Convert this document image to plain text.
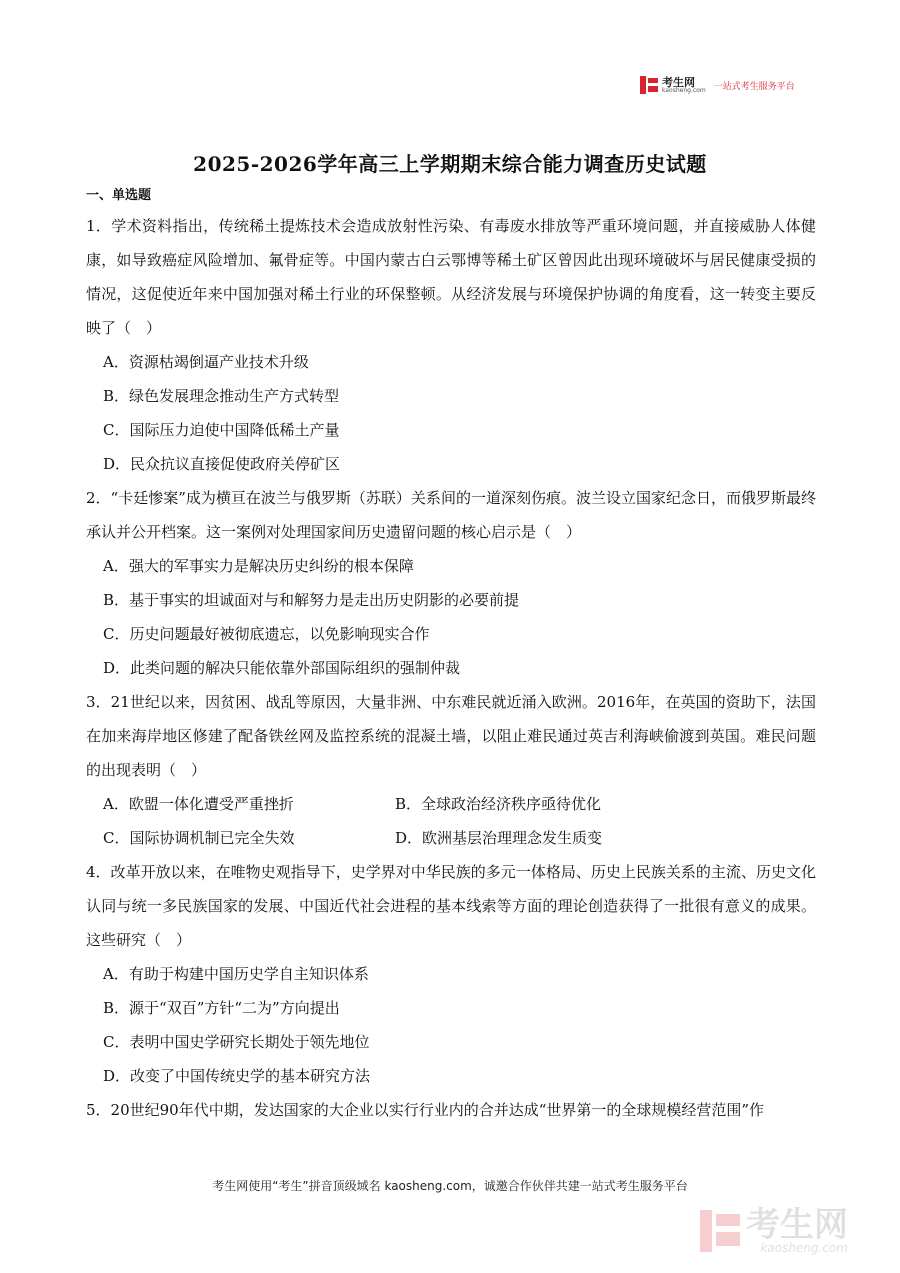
考生网
kaosheng.com 一站式考生服务平台
2025-2026学年高三上学期期末综合能力调查历史试题

一、单选题

1．学术资料指出，传统稀土提炼技术会造成放射性污染、有毒废水排放等严重环境问题，并直接威胁人体健康，如导致癌症风险增加、氟骨症等。中国内蒙古白云鄂博等稀土矿区曾因此出现环境破坏与居民健康受损的情况，这促使近年来中国加强对稀土行业的环保整顿。从经济发展与环境保护协调的角度看，这一转变主要反映了（　）

A．资源枯竭倒逼产业技术升级

B．绿色发展理念推动生产方式转型

C．国际压力迫使中国降低稀土产量

D．民众抗议直接促使政府关停矿区

2．“卡廷惨案”成为横亘在波兰与俄罗斯（苏联）关系间的一道深刻伤痕。波兰设立国家纪念日，而俄罗斯最终承认并公开档案。这一案例对处理国家间历史遗留问题的核心启示是（　）

A．强大的军事实力是解决历史纠纷的根本保障

B．基于事实的坦诚面对与和解努力是走出历史阴影的必要前提

C．历史问题最好被彻底遗忘，以免影响现实合作

D．此类问题的解决只能依靠外部国际组织的强制仲裁

3．21世纪以来，因贫困、战乱等原因，大量非洲、中东难民就近涌入欧洲。2016年，在英国的资助下，法国在加来海岸地区修建了配备铁丝网及监控系统的混凝土墙，以阻止难民通过英吉利海峡偷渡到英国。难民问题的出现表明（　）

A．欧盟一体化遭受严重挫折	B．全球政治经济秩序亟待优化

C．国际协调机制已完全失效	D．欧洲基层治理理念发生质变

4．改革开放以来，在唯物史观指导下，史学界对中华民族的多元一体格局、历史上民族关系的主流、历史文化认同与统一多民族国家的发展、中国近代社会进程的基本线索等方面的理论创造获得了一批很有意义的成果。这些研究（　）

A．有助于构建中国历史学自主知识体系

B．源于“双百”方针“二为”方向提出

C．表明中国史学研究长期处于领先地位

D．改变了中国传统史学的基本研究方法

5．20世纪90年代中期，发达国家的大企业以实行行业内的合并达成“世界第一的全球规模经营范围”作

考生网使用“考生”拼音顶级域名 kaosheng.com，诚邀合作伙伴共建一站式考生服务平台
考生网
kaosheng.com
